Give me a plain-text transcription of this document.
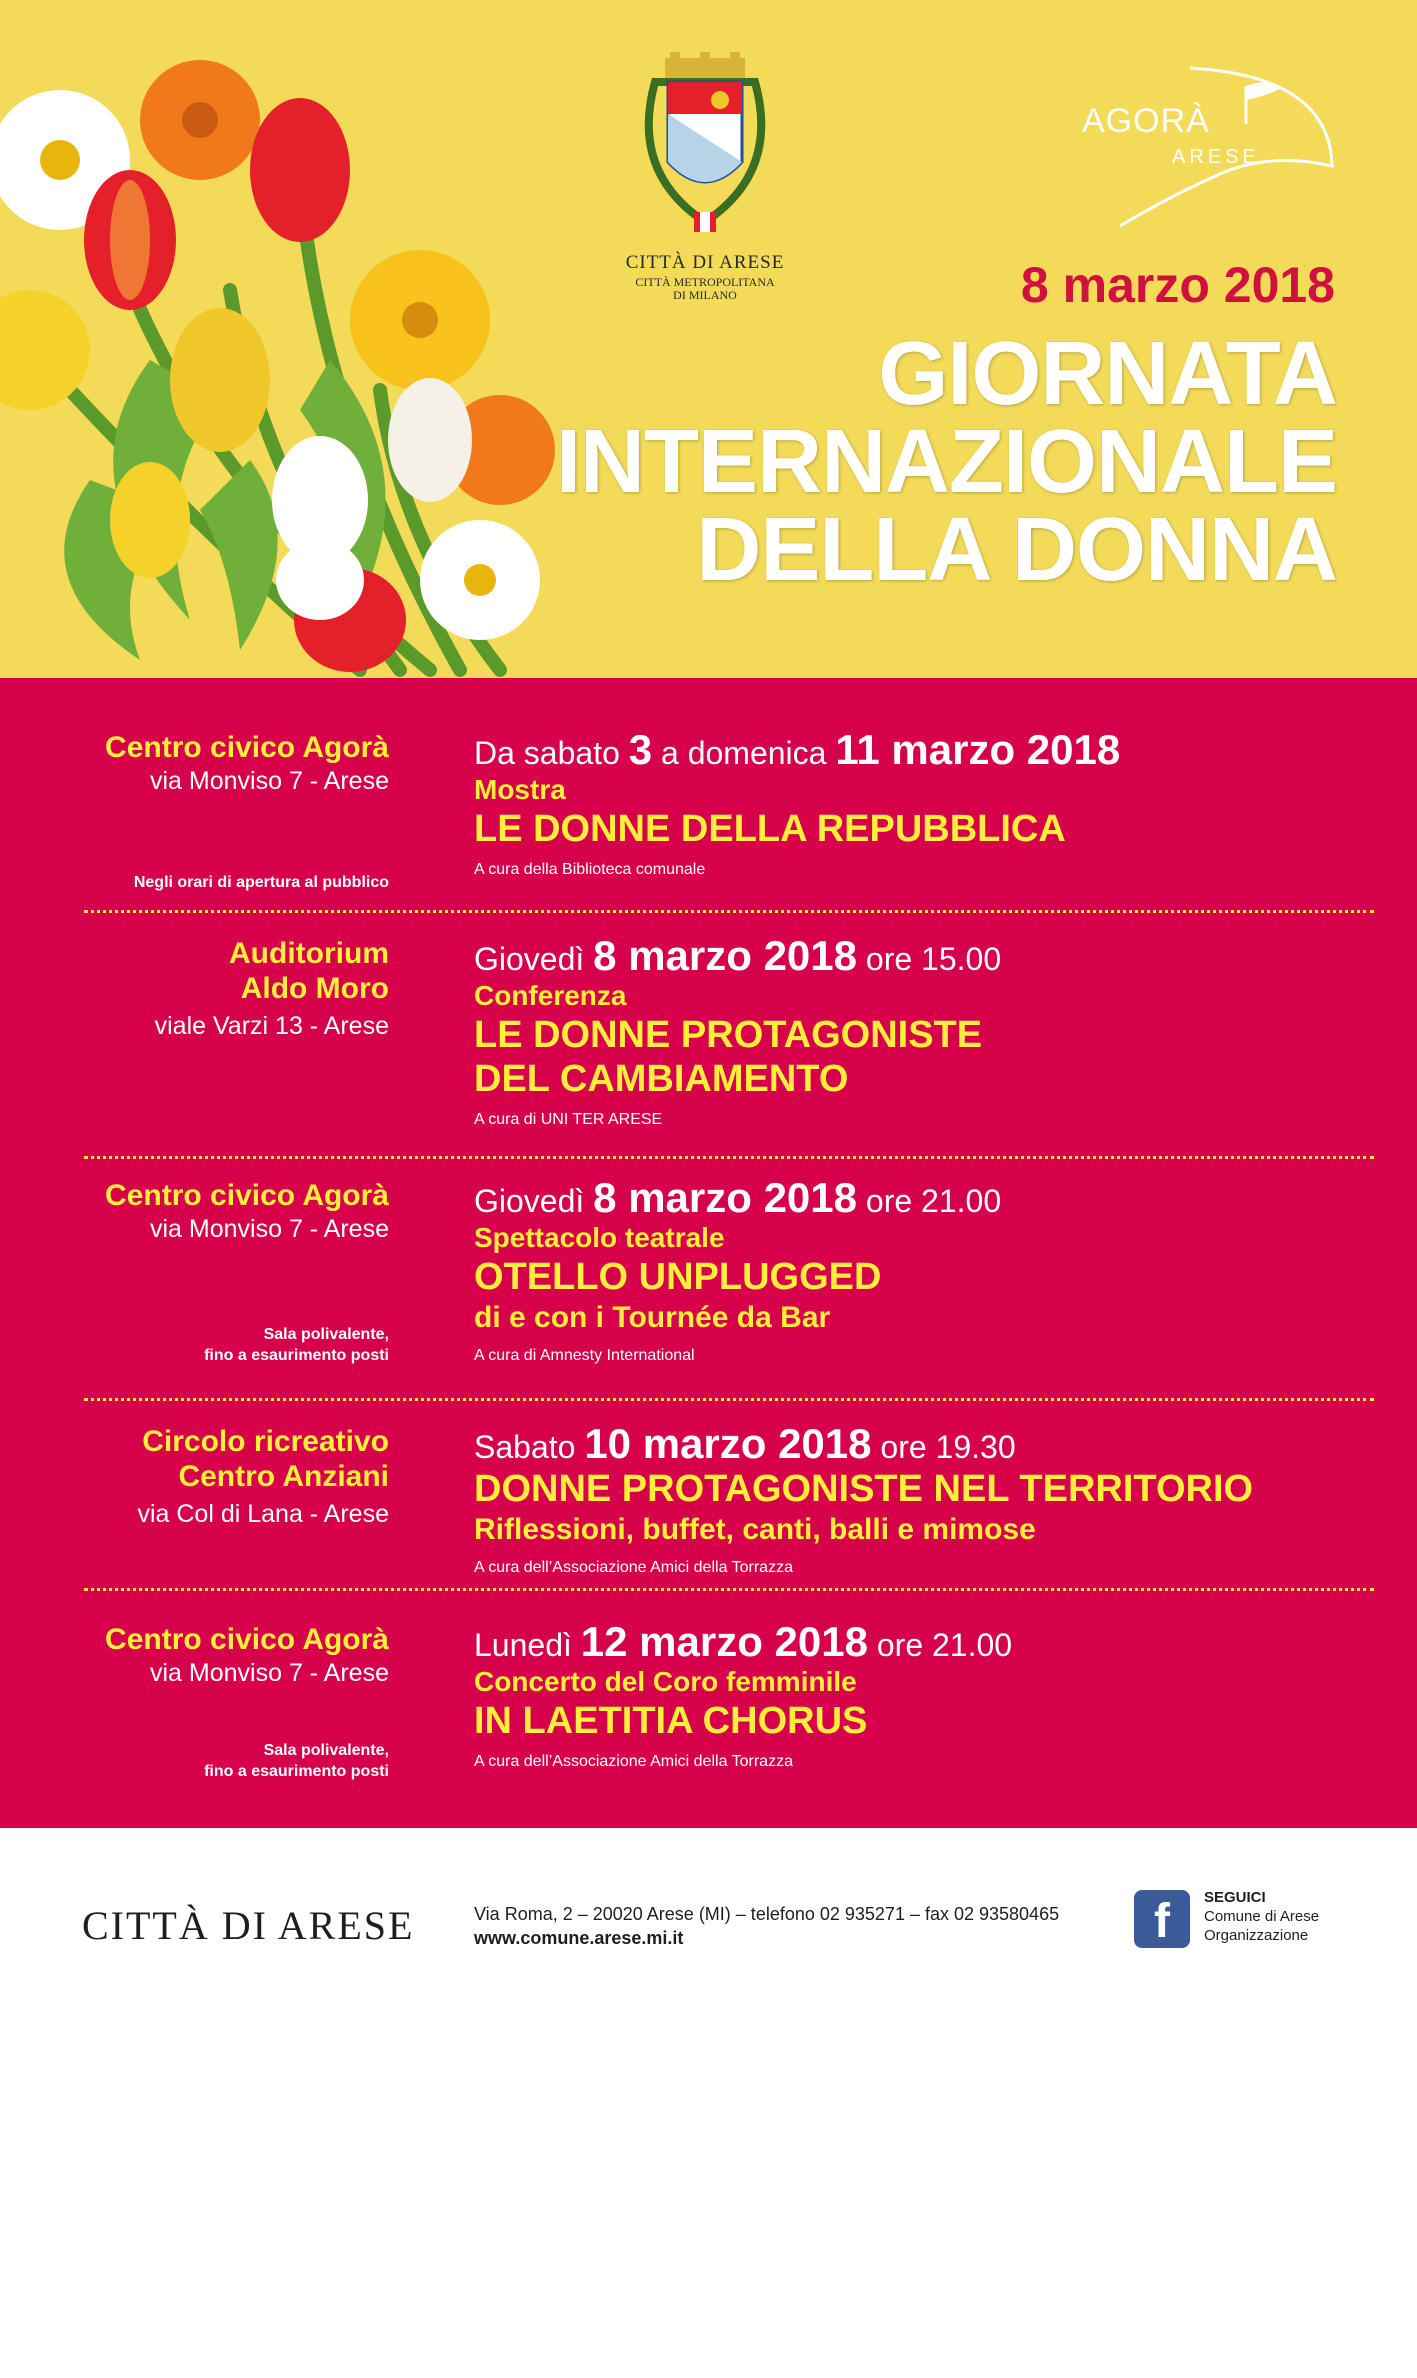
CITTÀ DI ARESE
CITTÀ METROPOLITANA
DI MILANO
AGORÀ
ARESE
8 marzo 2018
GIORNATA
INTERNAZIONALE
DELLA DONNA
Centro civico Agorà
via Monviso 7 - Arese
Negli orari di apertura al pubblico
Da sabato 3 a domenica 11 marzo 2018
Mostra
LE DONNE DELLA REPUBBLICA
A cura della Biblioteca comunale
Auditorium
Aldo Moro
viale Varzi 13 - Arese
Giovedì 8 marzo 2018 ore 15.00
Conferenza
LE DONNE PROTAGONISTE
DEL CAMBIAMENTO
A cura di UNI TER ARESE
Centro civico Agorà
via Monviso 7 - Arese
Sala polivalente,
fino a esaurimento posti
Giovedì 8 marzo 2018 ore 21.00
Spettacolo teatrale
OTELLO UNPLUGGED
di e con i Tournée da Bar
A cura di Amnesty International
Circolo ricreativo
Centro Anziani
via Col di Lana - Arese
Sabato 10 marzo 2018 ore 19.30
DONNE PROTAGONISTE NEL TERRITORIO
Riflessioni, buffet, canti, balli e mimose
A cura dell’Associazione Amici della Torrazza
Centro civico Agorà
via Monviso 7 - Arese
Sala polivalente,
fino a esaurimento posti
Lunedì 12 marzo 2018 ore 21.00
Concerto del Coro femminile
IN LAETITIA CHORUS
A cura dell’Associazione Amici della Torrazza
designpeople
CITTÀ DI ARESE	Via Roma, 2 – 20020 Arese (MI) – telefono 02 935271 – fax 02 93580465
www.comune.arese.mi.it	f SEGUICI
Comune di Arese
Organizzazione
